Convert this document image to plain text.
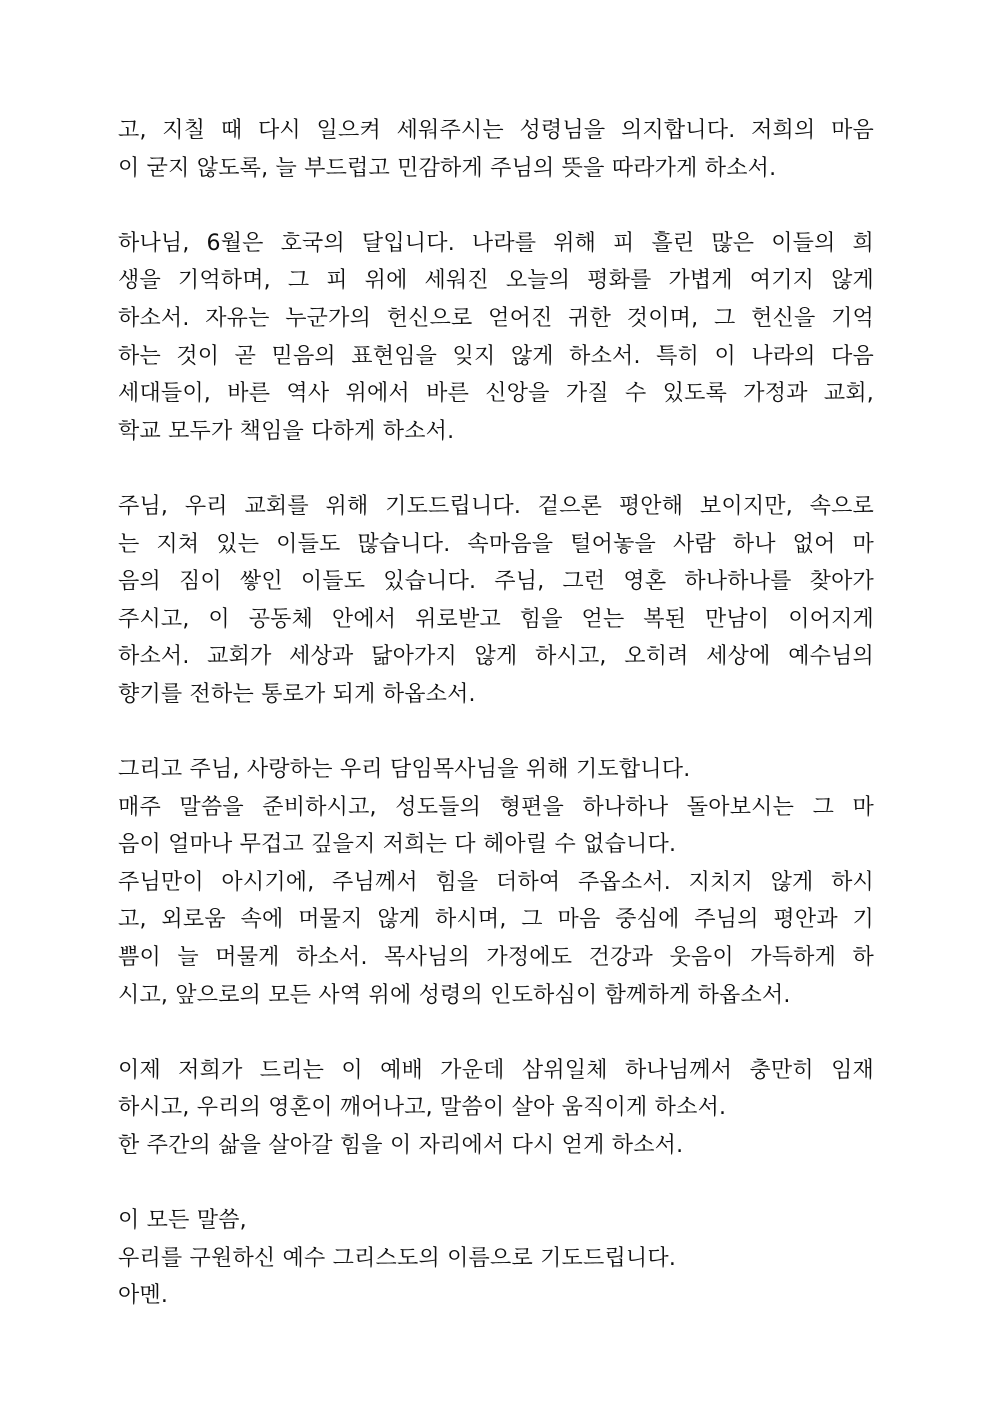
고, 지칠 때 다시 일으켜 세워주시는 성령님을 의지합니다. 저희의 마음
이 굳지 않도록, 늘 부드럽고 민감하게 주님의 뜻을 따라가게 하소서.
하나님, 6월은 호국의 달입니다. 나라를 위해 피 흘린 많은 이들의 희
생을 기억하며, 그 피 위에 세워진 오늘의 평화를 가볍게 여기지 않게
하소서. 자유는 누군가의 헌신으로 얻어진 귀한 것이며, 그 헌신을 기억
하는 것이 곧 믿음의 표현임을 잊지 않게 하소서. 특히 이 나라의 다음
세대들이, 바른 역사 위에서 바른 신앙을 가질 수 있도록 가정과 교회,
학교 모두가 책임을 다하게 하소서.
주님, 우리 교회를 위해 기도드립니다. 겉으론 평안해 보이지만, 속으로
는 지쳐 있는 이들도 많습니다. 속마음을 털어놓을 사람 하나 없어 마
음의 짐이 쌓인 이들도 있습니다. 주님, 그런 영혼 하나하나를 찾아가
주시고, 이 공동체 안에서 위로받고 힘을 얻는 복된 만남이 이어지게
하소서. 교회가 세상과 닮아가지 않게 하시고, 오히려 세상에 예수님의
향기를 전하는 통로가 되게 하옵소서.
그리고 주님, 사랑하는 우리 담임목사님을 위해 기도합니다.
매주 말씀을 준비하시고, 성도들의 형편을 하나하나 돌아보시는 그 마
음이 얼마나 무겁고 깊을지 저희는 다 헤아릴 수 없습니다.
주님만이 아시기에, 주님께서 힘을 더하여 주옵소서. 지치지 않게 하시
고, 외로움 속에 머물지 않게 하시며, 그 마음 중심에 주님의 평안과 기
쁨이 늘 머물게 하소서. 목사님의 가정에도 건강과 웃음이 가득하게 하
시고, 앞으로의 모든 사역 위에 성령의 인도하심이 함께하게 하옵소서.
이제 저희가 드리는 이 예배 가운데 삼위일체 하나님께서 충만히 임재
하시고, 우리의 영혼이 깨어나고, 말씀이 살아 움직이게 하소서.
한 주간의 삶을 살아갈 힘을 이 자리에서 다시 얻게 하소서.
이 모든 말씀,
우리를 구원하신 예수 그리스도의 이름으로 기도드립니다.
아멘.
